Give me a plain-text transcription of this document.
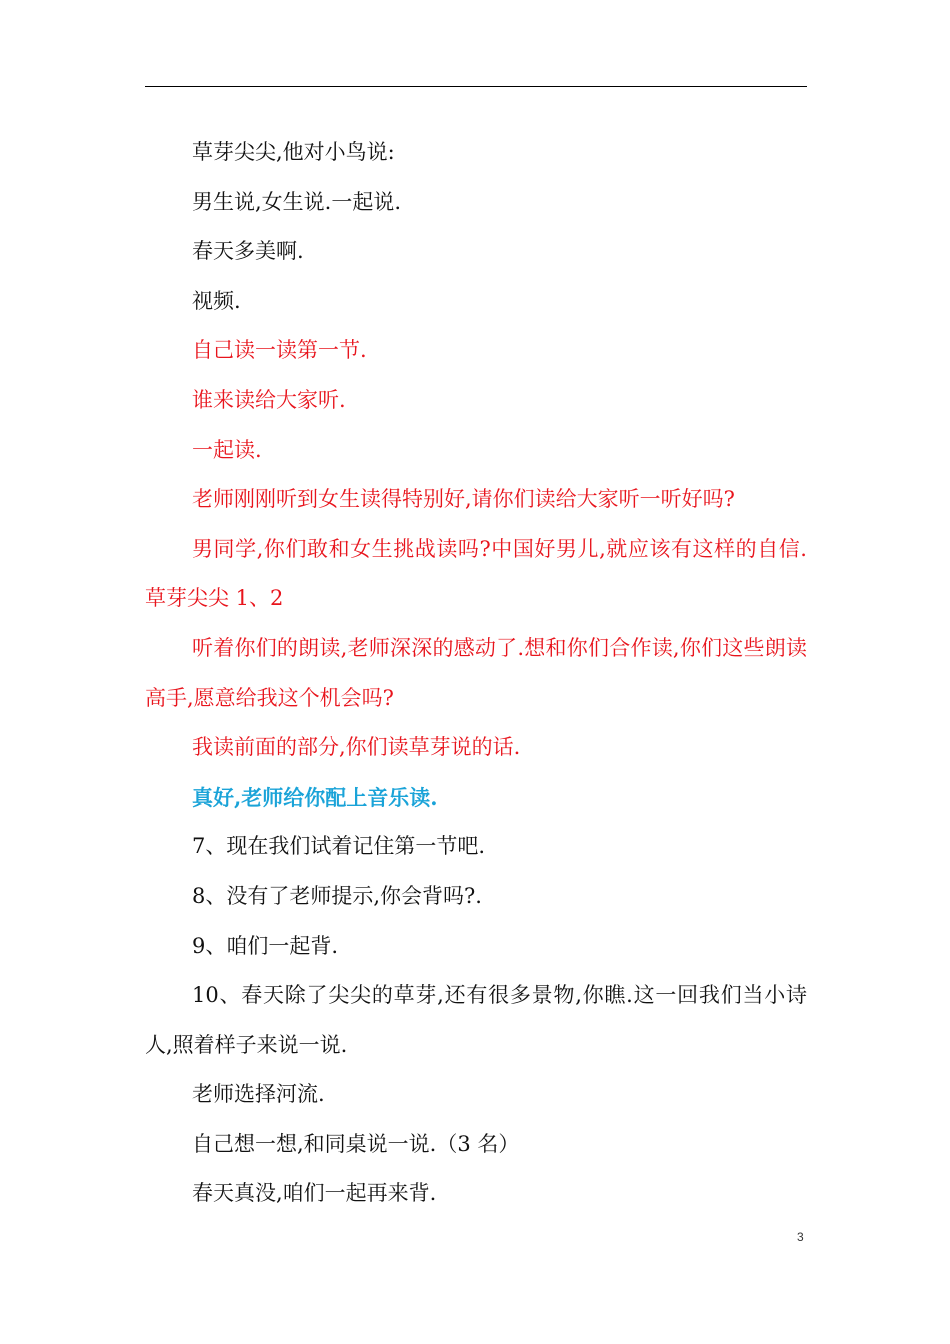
草芽尖尖,他对小鸟说:

男生说,女生说.一起说.

春天多美啊.

视频.

自己读一读第一节.

谁来读给大家听.

一起读.

老师刚刚听到女生读得特别好,请你们读给大家听一听好吗?

男同学,你们敢和女生挑战读吗?中国好男儿,就应该有这样的自信.草芽尖尖 1、2

听着你们的朗读,老师深深的感动了.想和你们合作读,你们这些朗读高手,愿意给我这个机会吗?

我读前面的部分,你们读草芽说的话.

真好,老师给你配上音乐读.

7、现在我们试着记住第一节吧.

8、没有了老师提示,你会背吗?.

9、咱们一起背.

10、春天除了尖尖的草芽,还有很多景物,你瞧.这一回我们当小诗人,照着样子来说一说.

老师选择河流.

自己想一想,和同桌说一说.（3 名）

春天真没,咱们一起再来背.

3
